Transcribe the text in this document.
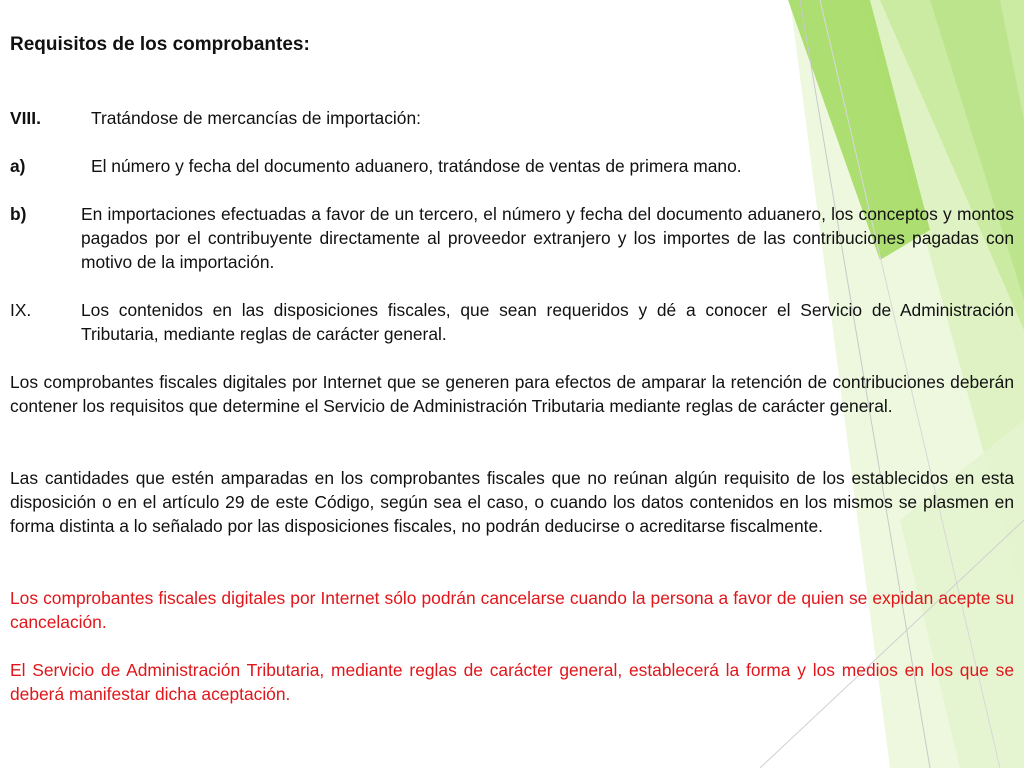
Requisitos de los comprobantes:
VIII.	Tratándose de mercancías de importación:

a)	El número y fecha del documento aduanero, tratándose de ventas de primera mano.

b)	En importaciones efectuadas a favor de un tercero, el número y fecha del documento aduanero, los conceptos y montos pagados por el contribuyente directamente al proveedor extranjero y los importes de las contribuciones pagadas con motivo de la importación.

IX.	Los contenidos en las disposiciones fiscales, que sean requeridos y dé a conocer el Servicio de Administración Tributaria, mediante reglas de carácter general.

Los comprobantes fiscales digitales por Internet que se generen para efectos de amparar la retención de contribuciones deberán contener los requisitos que determine el Servicio de Administración Tributaria mediante reglas de carácter general.

Las cantidades que estén amparadas en los comprobantes fiscales que no reúnan algún requisito de los establecidos en esta disposición o en el artículo 29 de este Código, según sea el caso, o cuando los datos contenidos en los mismos se plasmen en forma distinta a lo señalado por las disposiciones fiscales, no podrán deducirse o acreditarse fiscalmente.

Los comprobantes fiscales digitales por Internet sólo podrán cancelarse cuando la persona a favor de quien se expidan acepte su cancelación.

El Servicio de Administración Tributaria, mediante reglas de carácter general, establecerá la forma y los medios en los que se deberá manifestar dicha aceptación.
